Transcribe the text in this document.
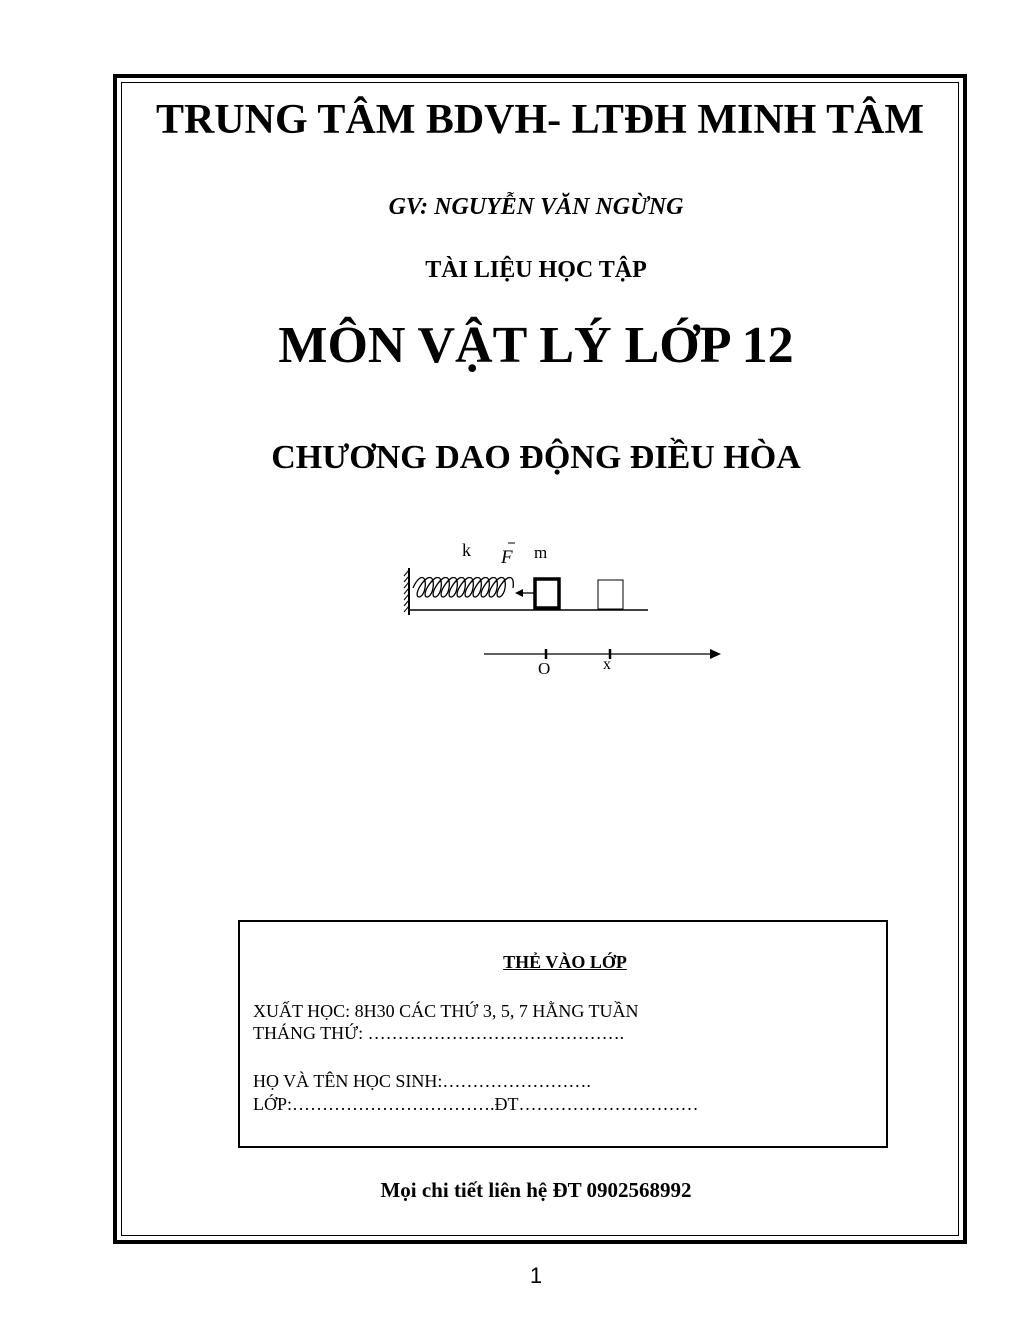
TRUNG TÂM BDVH- LTĐH MINH TÂM
GV: NGUYỄN VĂN NGỪNG
TÀI LIỆU HỌC TẬP
MÔN VẬT LÝ LỚP 12
CHƯƠNG DAO ĐỘNG ĐIỀU HÒA
k F m
O	x
THẺ VÀO LỚP
XUẤT HỌC: 8H30 CÁC THỨ 3, 5, 7 HẰNG TUẦN
THÁNG THỨ: …………………………………….
HỌ VÀ TÊN HỌC SINH:…………………….
LỚP:…………………………….ĐT…………………………
Mọi chi tiết liên hệ ĐT 0902568992
1
